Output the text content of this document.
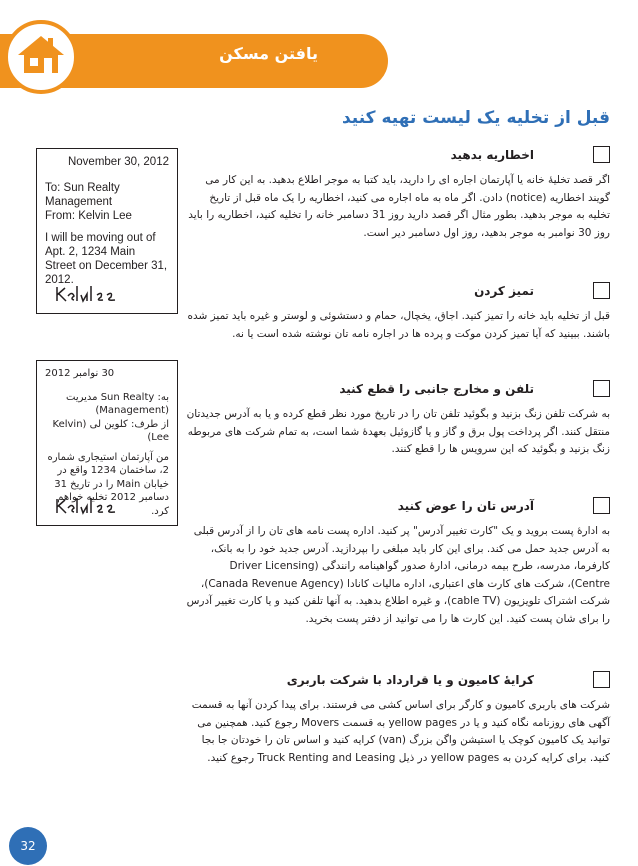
یافتن مسکن
قبل از تخلیه یک لیست تهیه کنید
November 30, 2012
To: Sun Realty Management
From: Kelvin Lee
I will be moving out of Apt. 2, 1234 Main Street on December 31, 2012.
30 نوامبر 2012
به: Sun Realty مدیریت (Management)
از طرف: کلوین لی (Kelvin Lee)
من آپارتمان استیجاری شماره 2، ساختمان 1234 واقع در خیابان Main را در تاریخ 31 دسامبر 2012 تخلیه خواهم کرد.
اخطاریه بدهید
اگر قصد تخلیهٔ خانه یا آپارتمان اجاره ای را دارید، باید کتبا به موجر اطلاع بدهید. به این کار می گویند اخطاریه (notice) دادن. اگر ماه به ماه اجاره می کنید، اخطاریه را یک ماه قبل از تاریخ تخلیه به موجر بدهید. بطور مثال اگر قصد دارید روز 31 دسامبر خانه را تخلیه کنید، اخطاریه را باید روز 30 نوامبر به موجر بدهید، روز اول دسامبر دیر است.
تمیز کردن
قبل از تخلیه باید خانه را تمیز کنید. اجاق، یخچال، حمام و دستشوئی و لوستر و غیره باید تمیز شده باشند. ببینید که آیا تمیز کردن موکت و پرده ها در اجاره نامه تان نوشته شده است یا نه.
تلفن و مخارج جانبی را قطع کنید
به شرکت تلفن زنگ بزنید و بگوئید تلفن تان را در تاریخ مورد نظر قطع کرده و یا به آدرس جدیدتان منتقل کنند. اگر پرداخت پول برق و گاز و یا گازوئیل بعهدهٔ شما است، به تمام شرکت های مربوطه زنگ بزنید و بگوئید که این سرویس ها را قطع کنند.
آدرس تان را عوض کنید
به ادارهٔ پست بروید و یک "کارت تغییر آدرس" پر کنید. اداره پست نامه های تان را از آدرس قبلی به آدرس جدید حمل می کند. برای این کار باید مبلغی را بپردازید. آدرس جدید خود را به بانک، کارفرما، مدرسه، طرح بیمه درمانی، ادارهٔ صدور گواهینامه رانندگی (Driver Licensing Centre)، شرکت های کارت های اعتباری، اداره مالیات کانادا (Canada Revenue Agency)، شرکت اشتراک تلویزیون (cable TV)، و غیره اطلاع بدهید. به آنها تلفن کنید و یا کارت تغییر آدرس را برای شان پست کنید. این کارت ها را می توانید از دفتر پست بخرید.
کرایهٔ کامیون و یا قرارداد با شرکت باربری
شرکت های باربری کامیون و کارگر برای اساس کشی می فرستند. برای پیدا کردن آنها به قسمت آگهی های روزنامه نگاه کنید و یا در yellow pages به قسمت Movers رجوع کنید. همچنین می توانید یک کامیون کوچک یا استیشن واگن بزرگ (van) کرایه کنید و اساس تان را خودتان جا بجا کنید. برای کرایه کردن به yellow pages در ذیل Truck Renting and Leasing رجوع کنید.
32
